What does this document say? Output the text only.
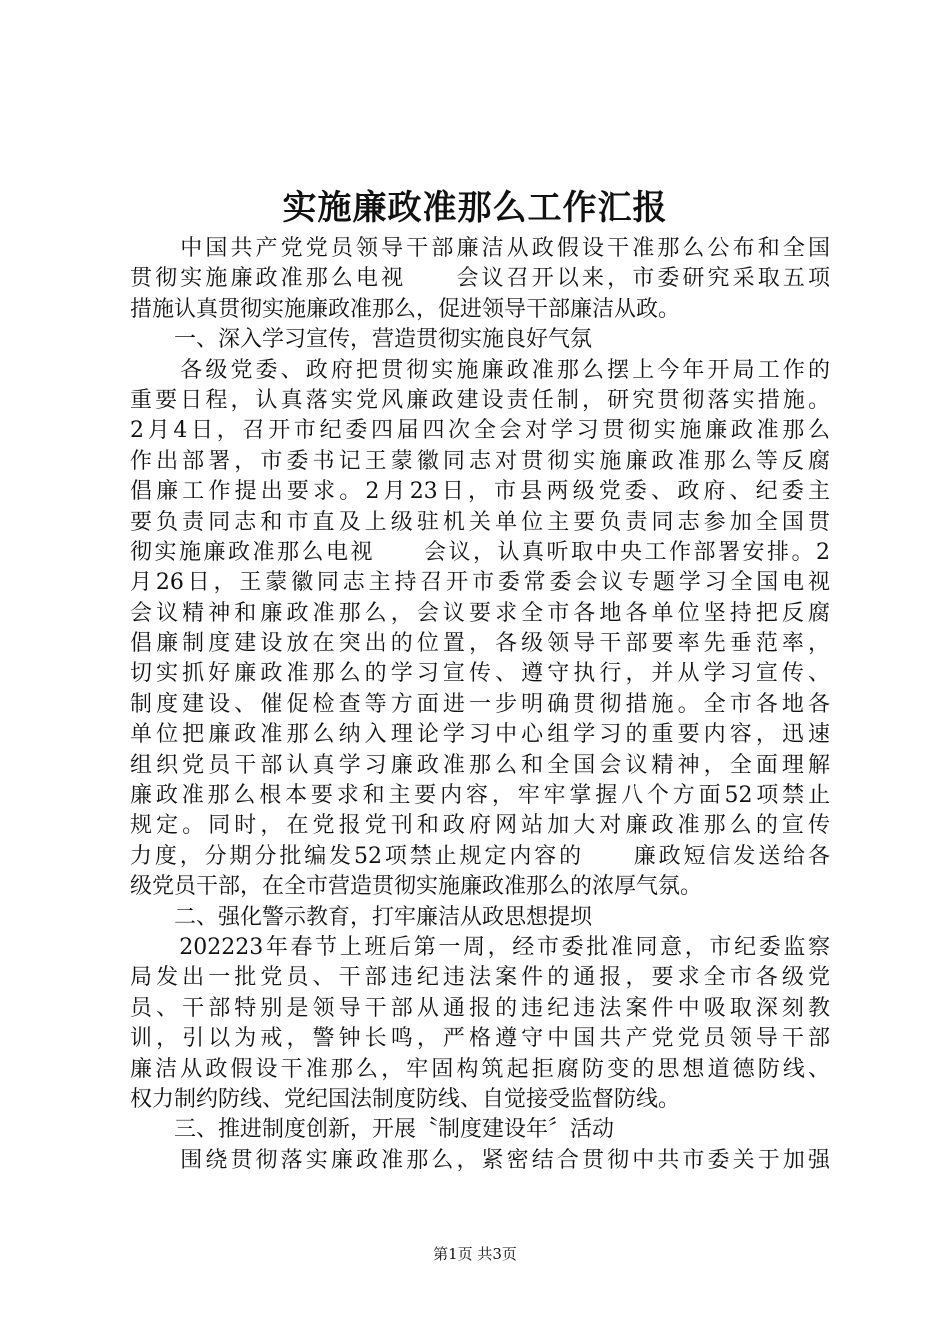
实施廉政准那么工作汇报
　　中国共产党党员领导干部廉洁从政假设干准那么公布和全国
贯彻实施廉政准那么电视　　会议召开以来，市委研究采取五项
措施认真贯彻实施廉政准那么，促进领导干部廉洁从政。
　　一、深入学习宣传，营造贯彻实施良好气氛
　　各级党委、政府把贯彻实施廉政准那么摆上今年开局工作的
重要日程，认真落实党风廉政建设责任制，研究贯彻落实措施。
2月4日，召开市纪委四届四次全会对学习贯彻实施廉政准那么
作出部署，市委书记王蒙徽同志对贯彻实施廉政准那么等反腐
倡廉工作提出要求。2月23日，市县两级党委、政府、纪委主
要负责同志和市直及上级驻机关单位主要负责同志参加全国贯
彻实施廉政准那么电视　　会议，认真听取中央工作部署安排。2
月26日，王蒙徽同志主持召开市委常委会议专题学习全国电视
会议精神和廉政准那么，会议要求全市各地各单位坚持把反腐
倡廉制度建设放在突出的位置，各级领导干部要率先垂范率，
切实抓好廉政准那么的学习宣传、遵守执行，并从学习宣传、
制度建设、催促检查等方面进一步明确贯彻措施。全市各地各
单位把廉政准那么纳入理论学习中心组学习的重要内容，迅速
组织党员干部认真学习廉政准那么和全国会议精神，全面理解
廉政准那么根本要求和主要内容，牢牢掌握八个方面52项禁止
规定。同时，在党报党刊和政府网站加大对廉政准那么的宣传
力度，分期分批编发52项禁止规定内容的　　廉政短信发送给各
级党员干部，在全市营造贯彻实施廉政准那么的浓厚气氛。
　　二、强化警示教育，打牢廉洁从政思想提坝
　　202223年春节上班后第一周，经市委批准同意，市纪委监察
局发出一批党员、干部违纪违法案件的通报，要求全市各级党
员、干部特别是领导干部从通报的违纪违法案件中吸取深刻教
训，引以为戒，警钟长鸣，严格遵守中国共产党党员领导干部
廉洁从政假设干准那么，牢固构筑起拒腐防变的思想道德防线、
权力制约防线、党纪国法制度防线、自觉接受监督防线。
　　三、推进制度创新，开展〝制度建设年〞活动
　　围绕贯彻落实廉政准那么，紧密结合贯彻中共市委关于加强
第1页 共3页
